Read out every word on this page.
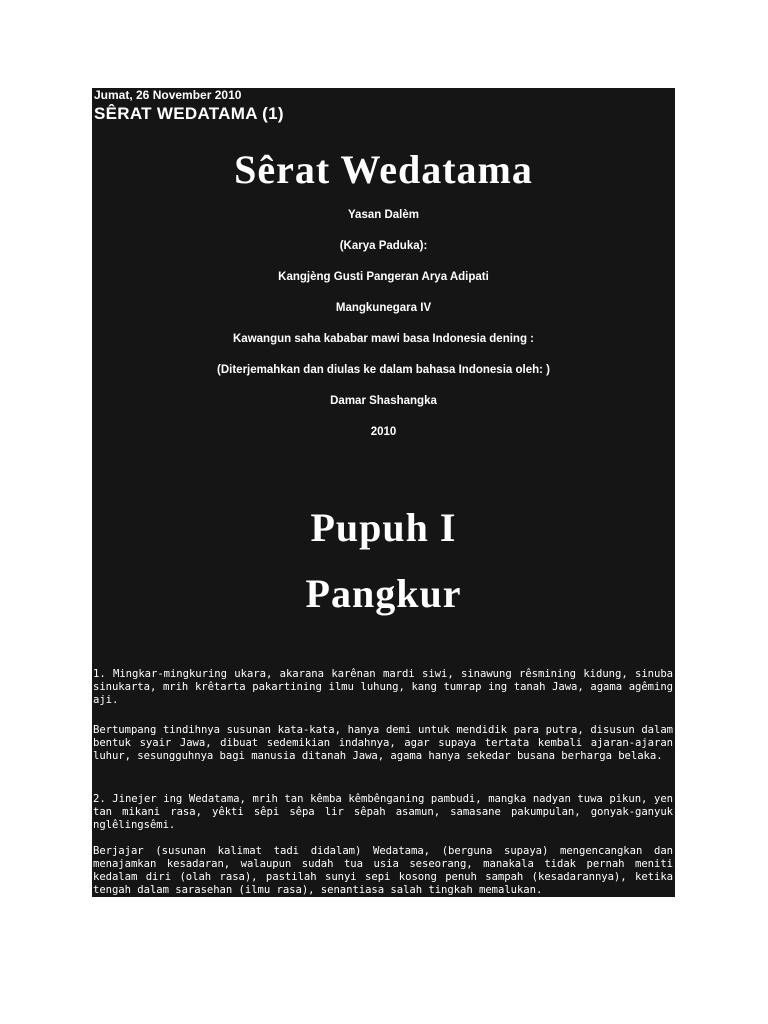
Jumat, 26 November 2010
SÊRAT WEDATAMA (1)
Sêrat Wedatama
Yasan Dalèm
(Karya Paduka):
Kangjèng Gusti Pangeran Arya Adipati
Mangkunegara IV
Kawangun saha kababar mawi basa Indonesia dening :
(Diterjemahkan dan diulas ke dalam bahasa Indonesia oleh: )
Damar Shashangka
2010
Pupuh I
Pangkur
1. Mingkar-mingkuring ukara, akarana karênan mardi siwi, sinawung rêsmining kidung, sinuba sinukarta, mrih krêtarta pakartining ilmu luhung, kang tumrap ing tanah Jawa, agama agêming aji.
Bertumpang tindihnya susunan kata-kata, hanya demi untuk mendidik para putra, disusun dalam bentuk syair Jawa, dibuat sedemikian indahnya, agar supaya tertata kembali ajaran-ajaran luhur, sesungguhnya bagi manusia ditanah Jawa, agama hanya sekedar busana berharga belaka.
2. Jinejer ing Wedatama, mrih tan kêmba kêmbênganing pambudi, mangka nadyan tuwa pikun, yen tan mikani rasa, yêkti sêpi sêpa lir sêpah asamun, samasane pakumpulan, gonyak-ganyuk nglêlingsêmi.
Berjajar (susunan kalimat tadi didalam) Wedatama, (berguna supaya) mengencangkan dan menajamkan kesadaran, walaupun sudah tua usia seseorang, manakala tidak pernah meniti kedalam diri (olah rasa), pastilah sunyi sepi kosong penuh sampah (kesadarannya), ketika tengah dalam sarasehan (ilmu rasa), senantiasa salah tingkah memalukan.
